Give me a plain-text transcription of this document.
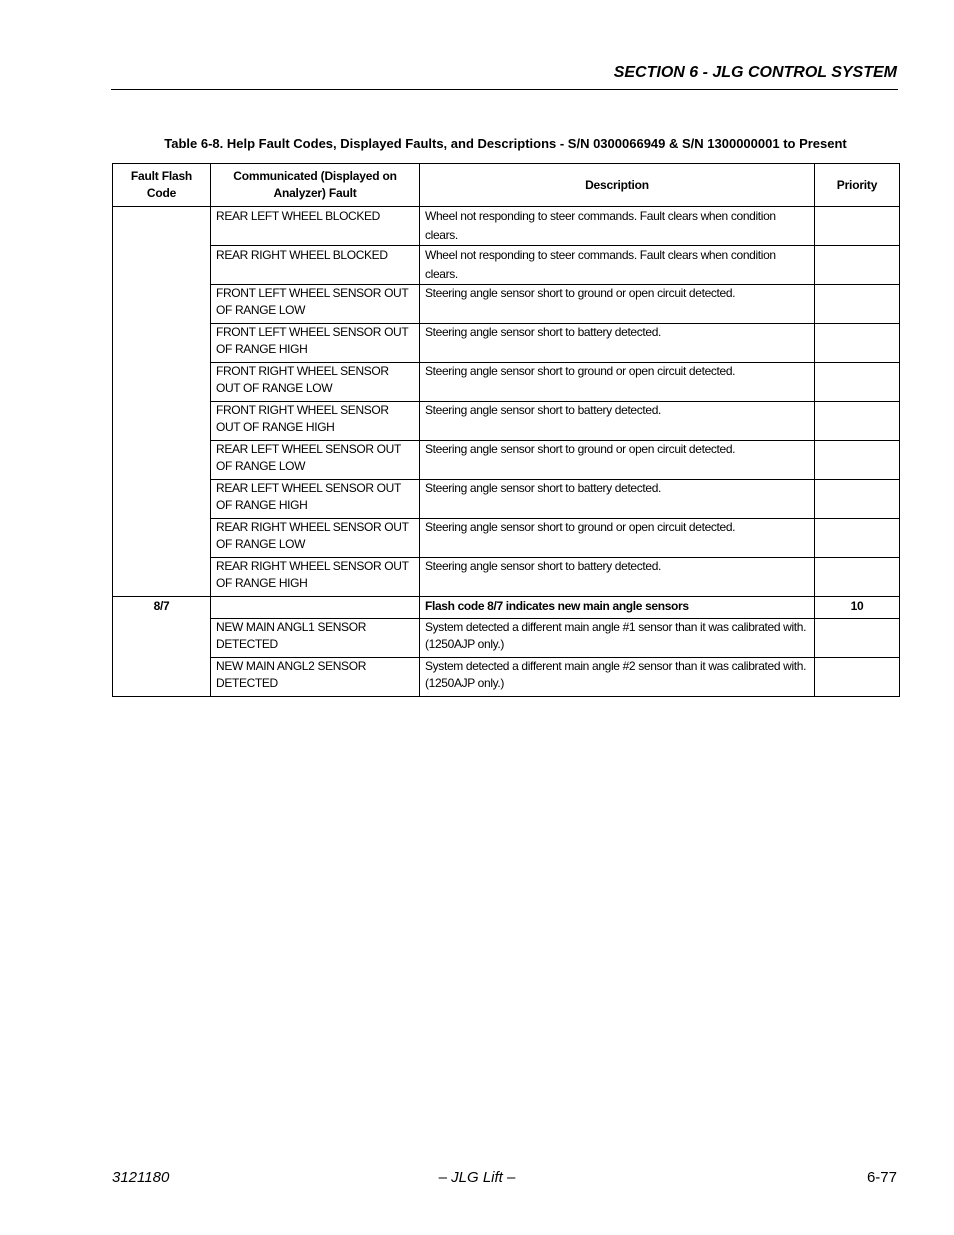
SECTION 6 - JLG CONTROL SYSTEM
Table 6-8. Help Fault Codes, Displayed Faults, and Descriptions - S/N 0300066949 & S/N 1300000001 to Present
Fault Flash Code	Communicated (Displayed on Analyzer) Fault	Description	Priority
	REAR LEFT WHEEL BLOCKED	Wheel not responding to steer commands. Fault clears when condition clears.	
	REAR RIGHT WHEEL BLOCKED	Wheel not responding to steer commands. Fault clears when condition clears.	
	FRONT LEFT WHEEL SENSOR OUT OF RANGE LOW	Steering angle sensor short to ground or open circuit detected.	
	FRONT LEFT WHEEL SENSOR OUT OF RANGE HIGH	Steering angle sensor short to battery detected.	
	FRONT RIGHT WHEEL SENSOR OUT OF RANGE LOW	Steering angle sensor short to ground or open circuit detected.	
	FRONT RIGHT WHEEL SENSOR OUT OF RANGE HIGH	Steering angle sensor short to battery detected.	
	REAR LEFT WHEEL SENSOR OUT OF RANGE LOW	Steering angle sensor short to ground or open circuit detected.	
	REAR LEFT WHEEL SENSOR OUT OF RANGE HIGH	Steering angle sensor short to battery detected.	
	REAR RIGHT WHEEL SENSOR OUT OF RANGE LOW	Steering angle sensor short to ground or open circuit detected.	
	REAR RIGHT WHEEL SENSOR OUT OF RANGE HIGH	Steering angle sensor short to battery detected.	
8/7		Flash code 8/7 indicates new main angle sensors	10
	NEW MAIN ANGL1 SENSOR DETECTED	System detected a different main angle #1 sensor than it was calibrated with. (1250AJP only.)	
	NEW MAIN ANGL2 SENSOR DETECTED	System detected a different main angle #2 sensor than it was calibrated with. (1250AJP only.)	
3121180	– JLG Lift –	6-77
